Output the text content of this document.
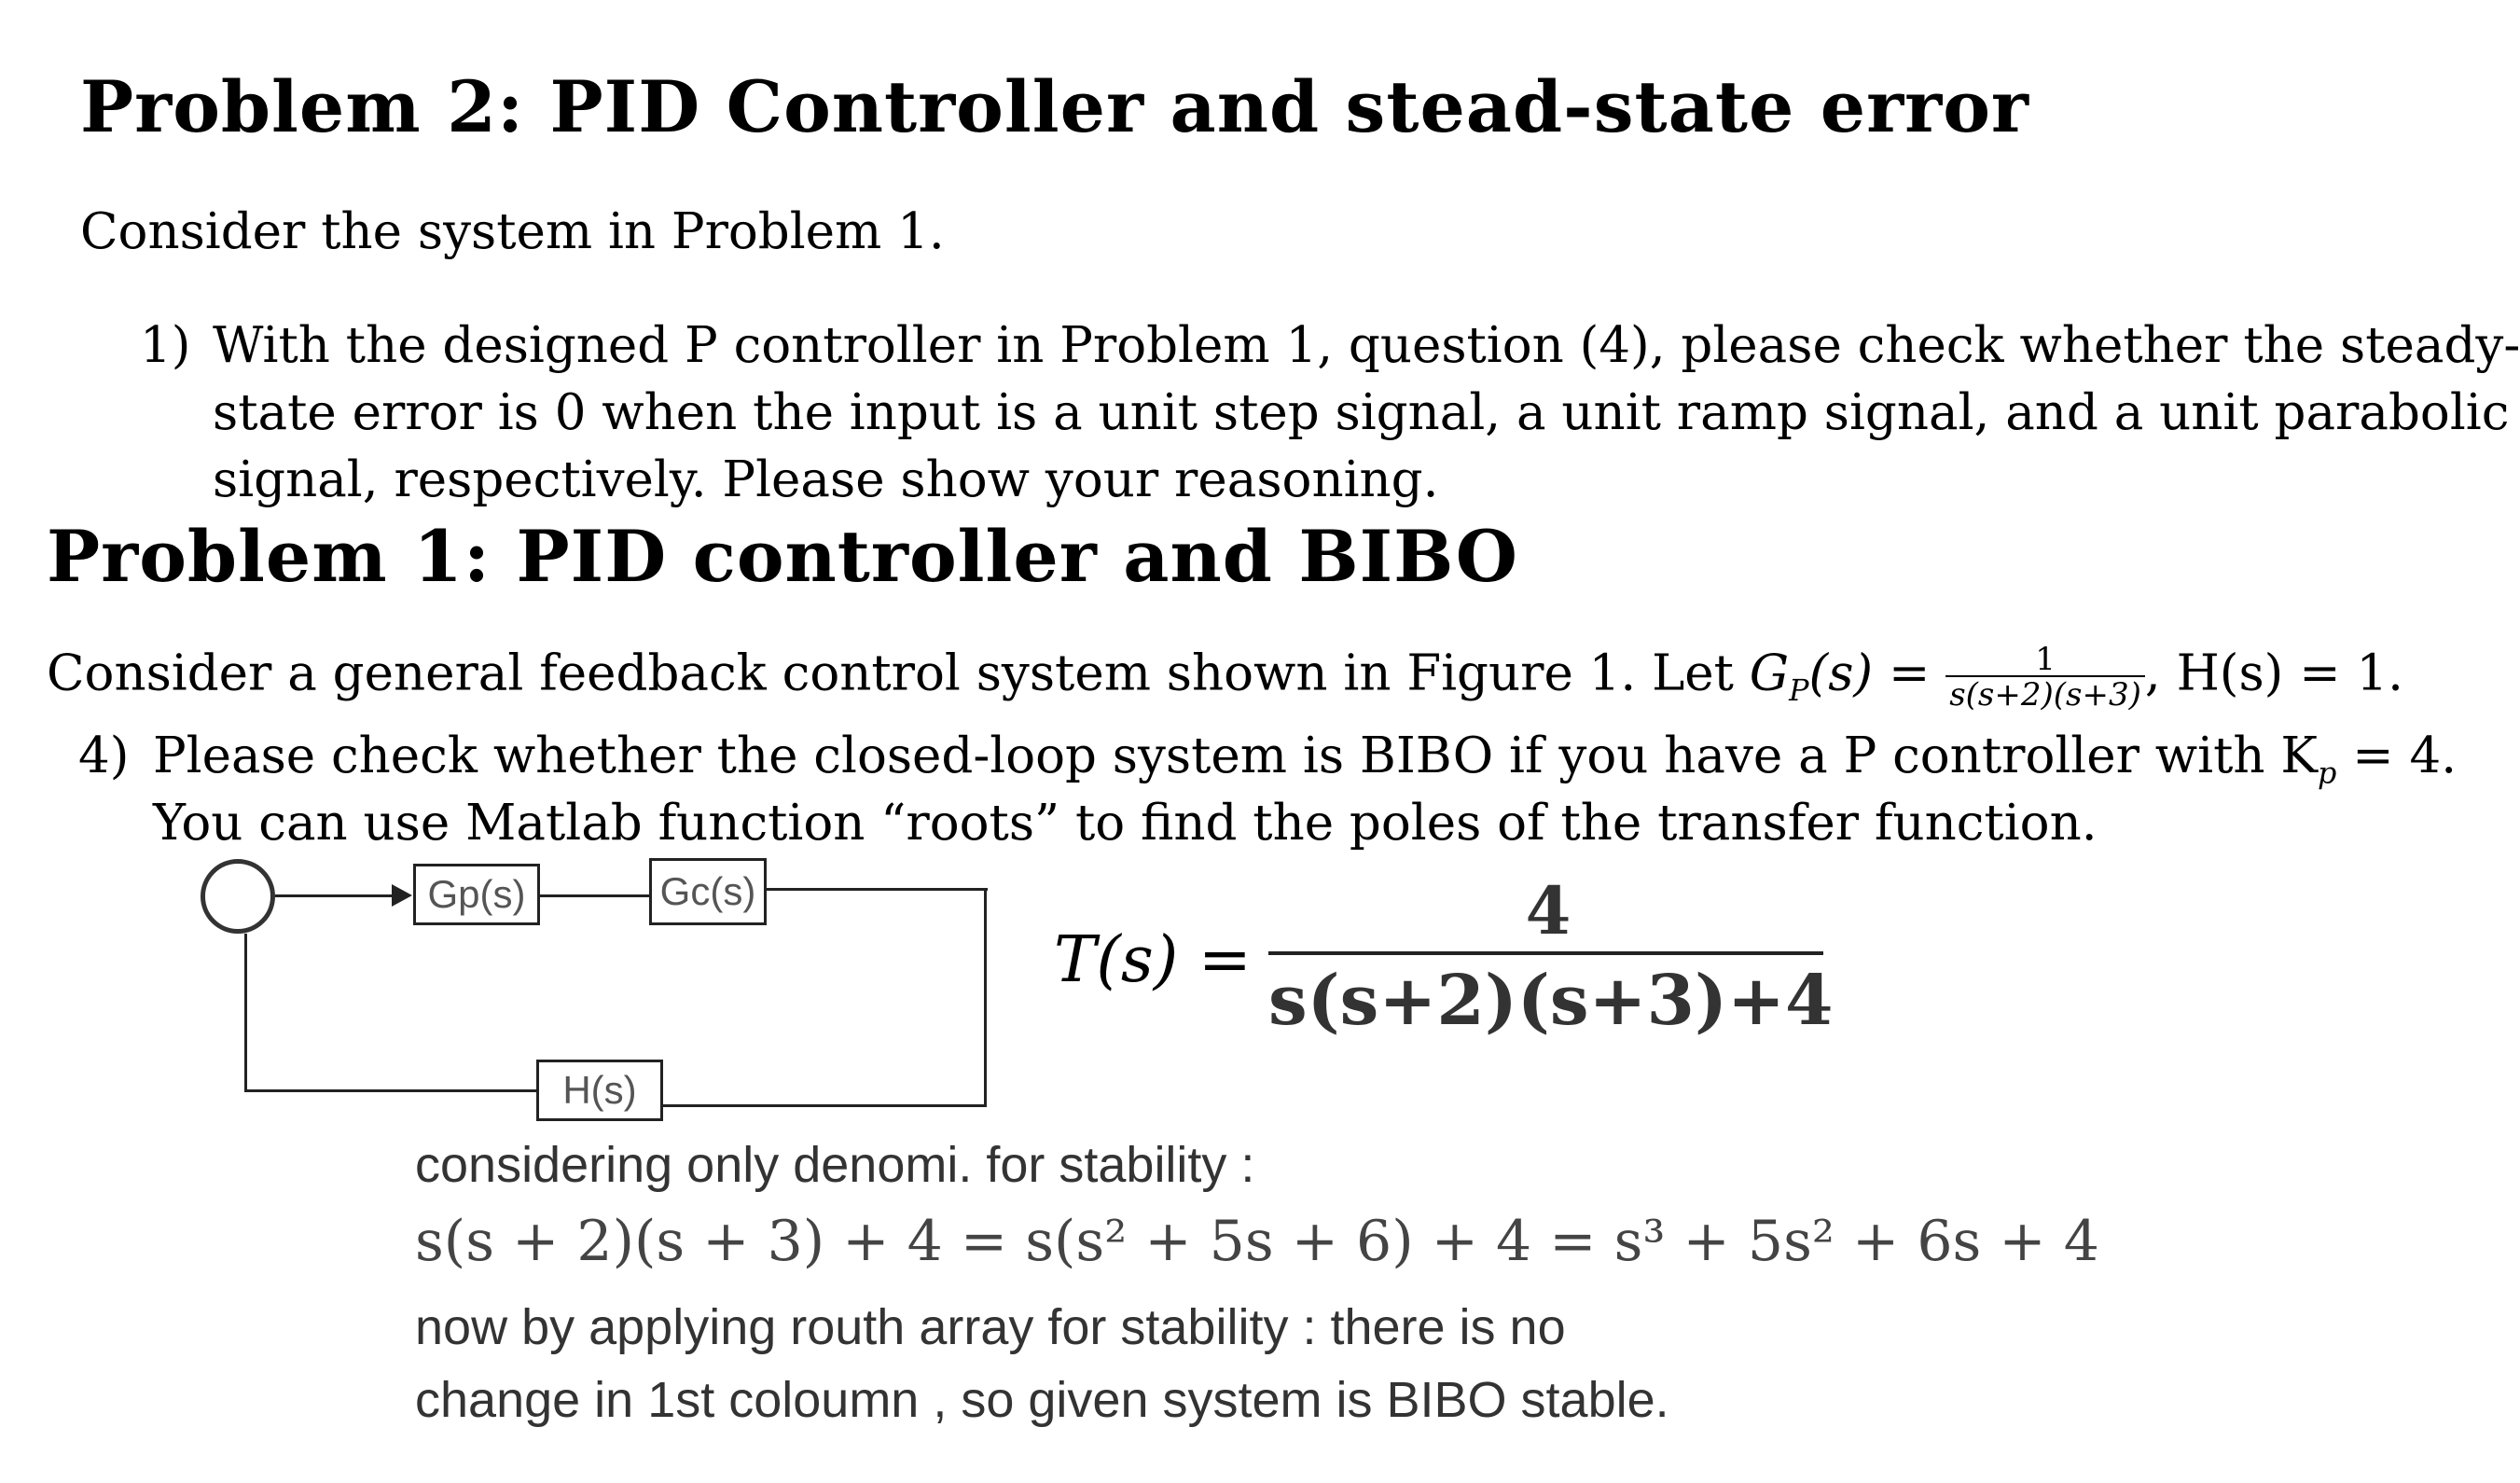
Problem 2: PID Controller and stead-state error
Consider the system in Problem 1.
1) With the designed P controller in Problem 1, question (4), please check whether the steady-
state error is 0 when the input is a unit step signal, a unit ramp signal, and a unit parabolic
signal, respectively. Please show your reasoning.
Problem 1: PID controller and BIBO
Consider a general feedback control system shown in Figure 1. Let $G_P(s) = \frac{1}{s(s+2)(s+3)}$ , H(s) = 1.
4) Please check whether the closed-loop system is BIBO if you have a P controller with $K_p = 4$.
You can use Matlab function “roots” to find the poles of the transfer function.
Gp(s)	Gc(s)
H(s)
T(s) =
4
s(s+2)(s+3)+4
considering only denomi. for stability :
s(s + 2)(s + 3) + 4 = s(s² + 5s + 6) + 4 = s³ + 5s² + 6s + 4
now by applying routh array for stability : there is no
change in 1st coloumn , so given system is BIBO stable.
